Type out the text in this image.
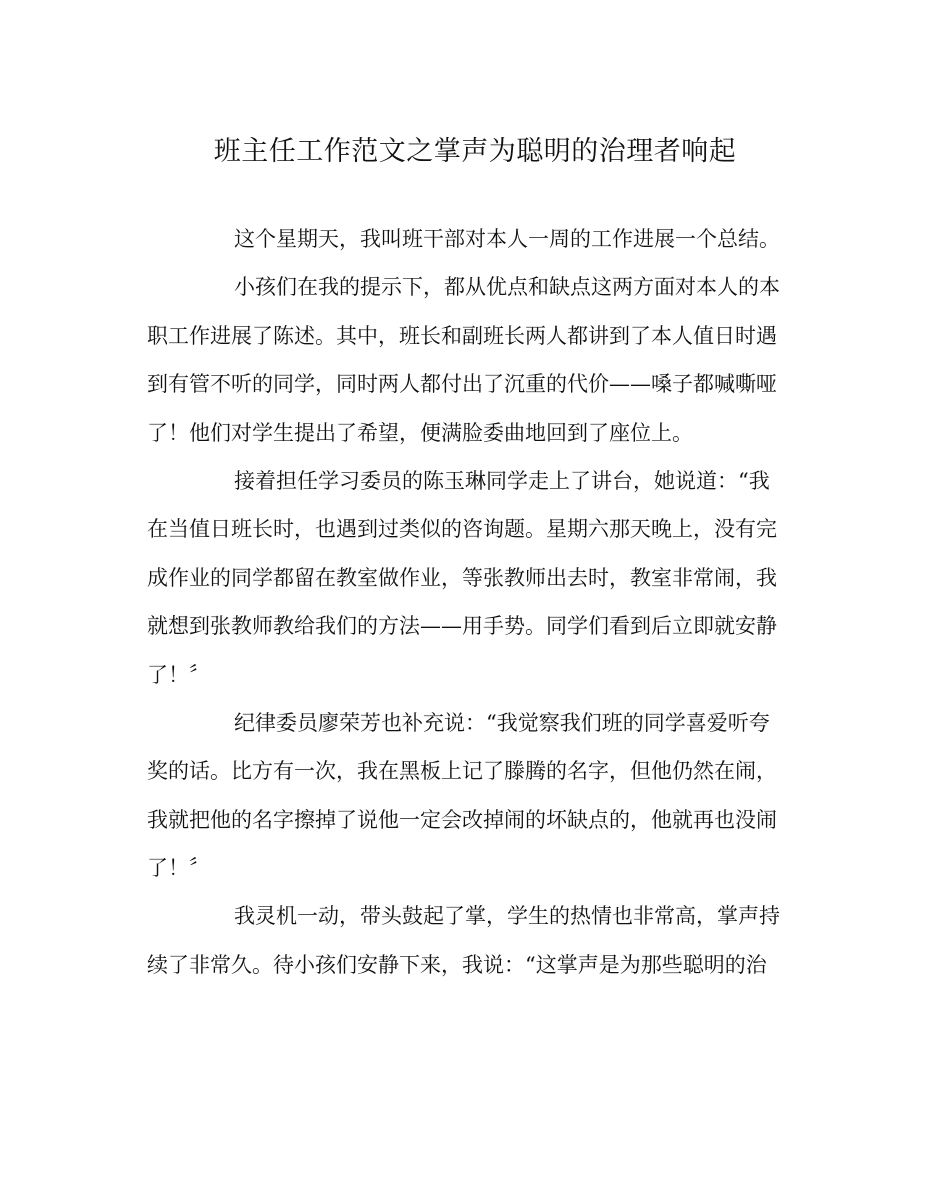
班主任工作范文之掌声为聪明的治理者响起
这个星期天，我叫班干部对本人一周的工作进展一个总结。
小孩们在我的提示下，都从优点和缺点这两方面对本人的本
职工作进展了陈述。其中，班长和副班长两人都讲到了本人值日时遇
到有管不听的同学，同时两人都付出了沉重的代价——嗓子都喊嘶哑
了！他们对学生提出了希望，便满脸委曲地回到了座位上。
接着担任学习委员的陈玉琳同学走上了讲台，她说道：“我
在当值日班长时，也遇到过类似的咨询题。星期六那天晚上，没有完
成作业的同学都留在教室做作业，等张教师出去时，教室非常闹，我
就想到张教师教给我们的方法——用手势。同学们看到后立即就安静
了！〞
纪律委员廖荣芳也补充说：“我觉察我们班的同学喜爱听夸
奖的话。比方有一次，我在黑板上记了滕腾的名字，但他仍然在闹，
我就把他的名字擦掉了说他一定会改掉闹的坏缺点的，他就再也没闹
了！〞
我灵机一动，带头鼓起了掌，学生的热情也非常高，掌声持
续了非常久。待小孩们安静下来，我说：“这掌声是为那些聪明的治
